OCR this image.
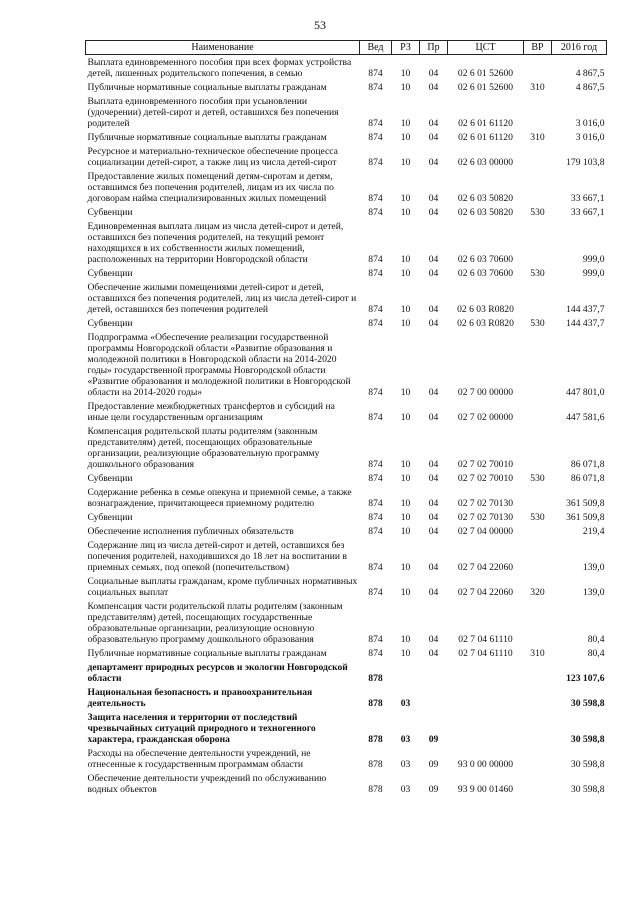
53
Наименование	Вед	РЗ	Пр	ЦСТ	ВР	2016 год
Выплата единовременного пособия при всех формах устройства детей, лишенных родительского попечения, в семью	874	10	04	02 6 01 52600		4 867,5
Публичные нормативные социальные выплаты гражданам	874	10	04	02 6 01 52600	310	4 867,5
Выплата единовременного пособия при усыновлении (удочерении) детей-сирот и детей, оставшихся без попечения родителей	874	10	04	02 6 01 61120		3 016,0
Публичные нормативные социальные выплаты гражданам	874	10	04	02 6 01 61120	310	3 016,0
Ресурсное и материально-техническое обеспечение процесса социализации детей-сирот, а также лиц из числа детей-сирот	874	10	04	02 6 03 00000		179 103,8
Предоставление жилых помещений детям-сиротам и детям, оставшимся без попечения родителей, лицам из их числа по договорам найма специализированных жилых помещений	874	10	04	02 6 03 50820		33 667,1
Субвенции	874	10	04	02 6 03 50820	530	33 667,1
Единовременная выплата лицам из числа детей-сирот и детей, оставшихся без попечения родителей, на текущий ремонт находящихся в их собственности жилых помещений, расположенных на территории Новгородской области	874	10	04	02 6 03 70600		999,0
Субвенции	874	10	04	02 6 03 70600	530	999,0
Обеспечение жилыми помещениями детей-сирот и детей, оставшихся без попечения родителей, лиц из числа детей-сирот и детей, оставшихся без попечения родителей	874	10	04	02 6 03 R0820		144 437,7
Субвенции	874	10	04	02 6 03 R0820	530	144 437,7
Подпрограмма «Обеспечение реализации государственной программы Новгородской области «Развитие образования и молодежной политики в Новгородской области на 2014-2020 годы» государственной программы Новгородской области «Развитие образования и молодежной политики в Новгородской области на 2014-2020 годы»	874	10	04	02 7 00 00000		447 801,0
Предоставление межбюджетных трансфертов и субсидий на иные цели государственным организациям	874	10	04	02 7 02 00000		447 581,6
Компенсация родительской платы родителям (законным представителям) детей, посещающих образовательные организации, реализующие образовательную программу дошкольного образования	874	10	04	02 7 02 70010		86 071,8
Субвенции	874	10	04	02 7 02 70010	530	86 071,8
Содержание ребенка в семье опекуна и приемной семье, а также вознаграждение, причитающееся приемному родителю	874	10	04	02 7 02 70130		361 509,8
Субвенции	874	10	04	02 7 02 70130	530	361 509,8
Обеспечение исполнения публичных обязательств	874	10	04	02 7 04 00000		219,4
Содержание лиц из числа детей-сирот и детей, оставшихся без попечения родителей, находившихся до 18 лет на воспитании в приемных семьях, под опекой (попечительством)	874	10	04	02 7 04 22060		139,0
Социальные выплаты гражданам, кроме публичных нормативных социальных выплат	874	10	04	02 7 04 22060	320	139,0
Компенсация части родительской платы родителям (законным представителям) детей, посещающих государственные образовательные организации, реализующие основную образовательную программу дошкольного образования	874	10	04	02 7 04 61110		80,4
Публичные нормативные социальные выплаты гражданам	874	10	04	02 7 04 61110	310	80,4
департамент природных ресурсов и экологии Новгородской области	878					123 107,6
Национальная безопасность и правоохранительная деятельность	878	03				30 598,8
Защита населения и территории от последствий чрезвычайных ситуаций природного и техногенного характера, гражданская оборона	878	03	09			30 598,8
Расходы на обеспечение деятельности учреждений, не отнесенные к государственным программам области	878	03	09	93 0 00 00000		30 598,8
Обеспечение деятельности учреждений по обслуживанию водных объектов	878	03	09	93 9 00 01460		30 598,8
